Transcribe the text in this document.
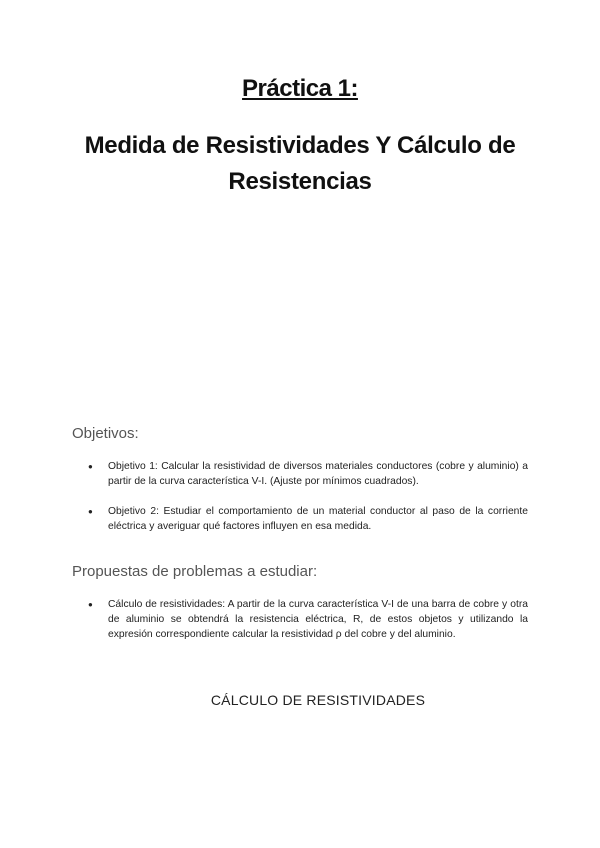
Práctica 1:
Medida de Resistividades Y Cálculo de
Resistencias
Objetivos:
● Objetivo 1: Calcular la resistividad de diversos materiales conductores (cobre y aluminio) a partir de la curva característica V-I. (Ajuste por mínimos cuadrados).
● Objetivo 2: Estudiar el comportamiento de un material conductor al paso de la corriente eléctrica y averiguar qué factores influyen en esa medida.
Propuestas de problemas a estudiar:
● Cálculo de resistividades: A partir de la curva característica V-I de una barra de cobre y otra de aluminio se obtendrá la resistencia eléctrica, R, de estos objetos y utilizando la expresión correspondiente calcular la resistividad ρ del cobre y del aluminio.
CÁLCULO DE RESISTIVIDADES
